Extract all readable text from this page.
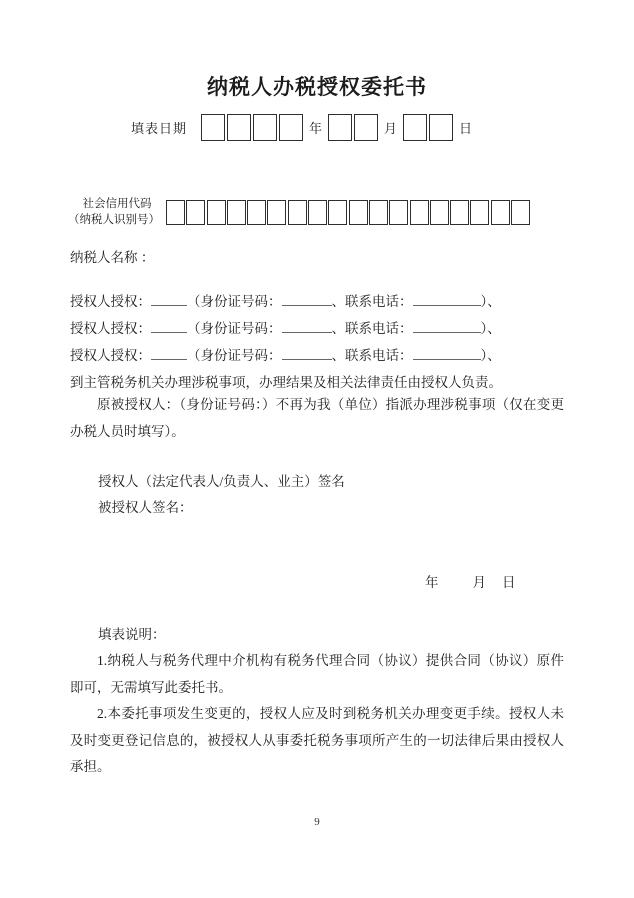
纳税人办税授权委托书
填表日期	年	月	日
社会信用代码
（纳税人识别号）
纳税人名称 ：
授权人授权：	（身份证号码：	、联系电话：	）、
授权人授权：	（身份证号码：	、联系电话：	）、
授权人授权：	（身份证号码：	、联系电话：	）、
到主管税务机关办理涉税事项，办理结果及相关法律责任由授权人负责。
原被授权人：（身份证号码：）不再为我（单位）指派办理涉税事项（仅在变更办税人员时填写）。
授权人（法定代表人/负责人、业主）签名
被授权人签名：
年	月 日
填表说明：

1.纳税人与税务代理中介机构有税务代理合同（协议）提供合同（协议）原件即可，无需填写此委托书。

2.本委托事项发生变更的，授权人应及时到税务机关办理变更手续。授权人未及时变更登记信息的，被授权人从事委托税务事项所产生的一切法律后果由授权人承担。

9
